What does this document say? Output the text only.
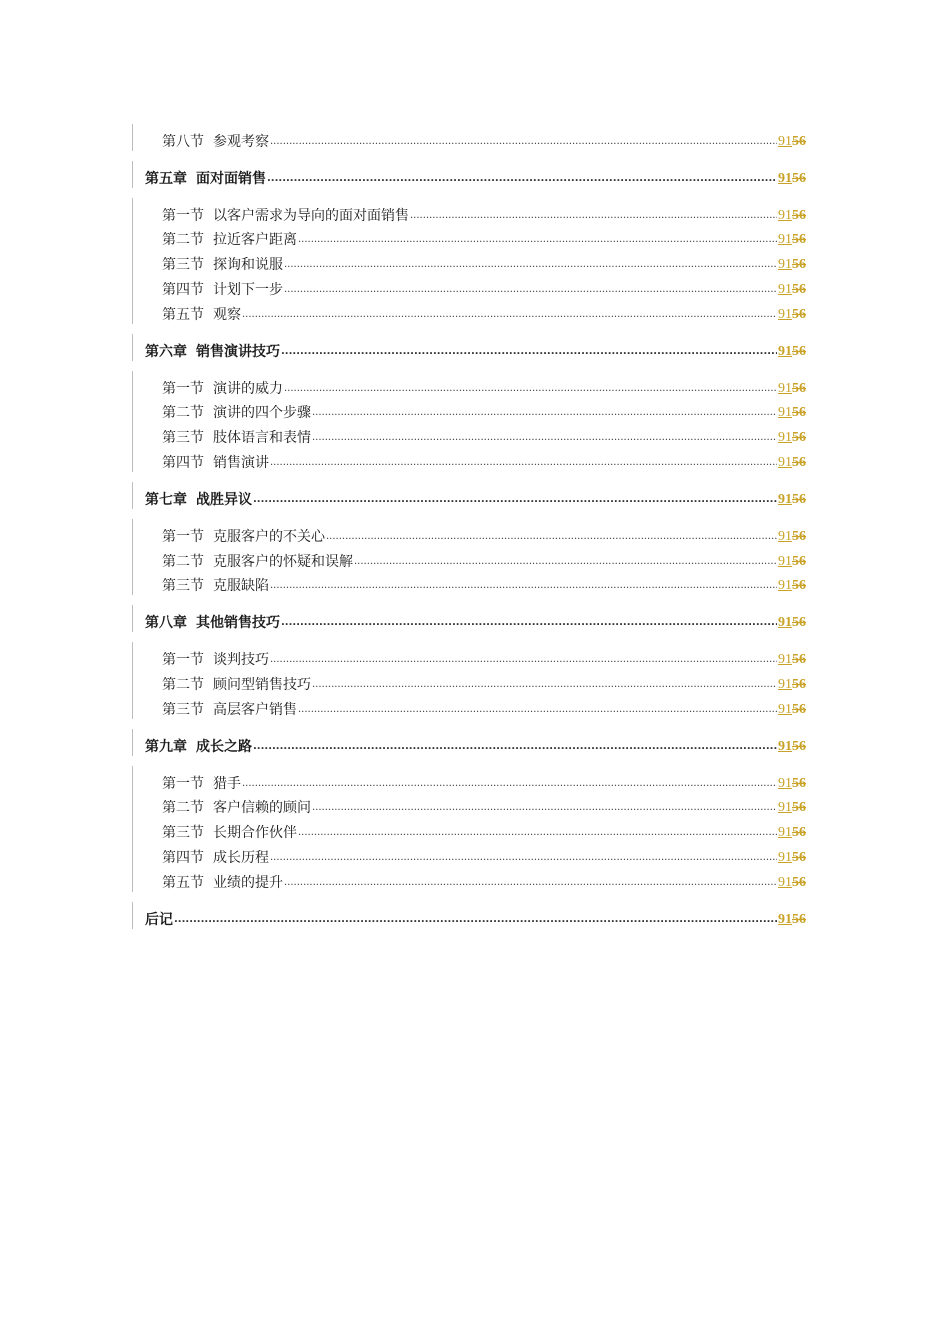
第八节 参观考察 .....	9156
第五章 面对面销售 .....	9156
第一节 以客户需求为导向的面对面销售 .....	9156
第二节 拉近客户距离 .....	9156
第三节 探询和说服 .....	9156
第四节 计划下一步 .....	9156
第五节 观察 .....	9156
第六章 销售演讲技巧 .....	9156
第一节 演讲的威力 .....	9156
第二节 演讲的四个步骤 .....	9156
第三节 肢体语言和表情 .....	9156
第四节 销售演讲 .....	9156
第七章 战胜异议 .....	9156
第一节 克服客户的不关心 .....	9156
第二节 克服客户的怀疑和误解 .....	9156
第三节 克服缺陷 .....	9156
第八章 其他销售技巧 .....	9156
第一节 谈判技巧 .....	9156
第二节 顾问型销售技巧 .....	9156
第三节 高层客户销售 .....	9156
第九章 成长之路 .....	9156
第一节 猎手 .....	9156
第二节 客户信赖的顾问 .....	9156
第三节 长期合作伙伴 .....	9156
第四节 成长历程 .....	9156
第五节 业绩的提升 .....	9156
后记 .....	9156
